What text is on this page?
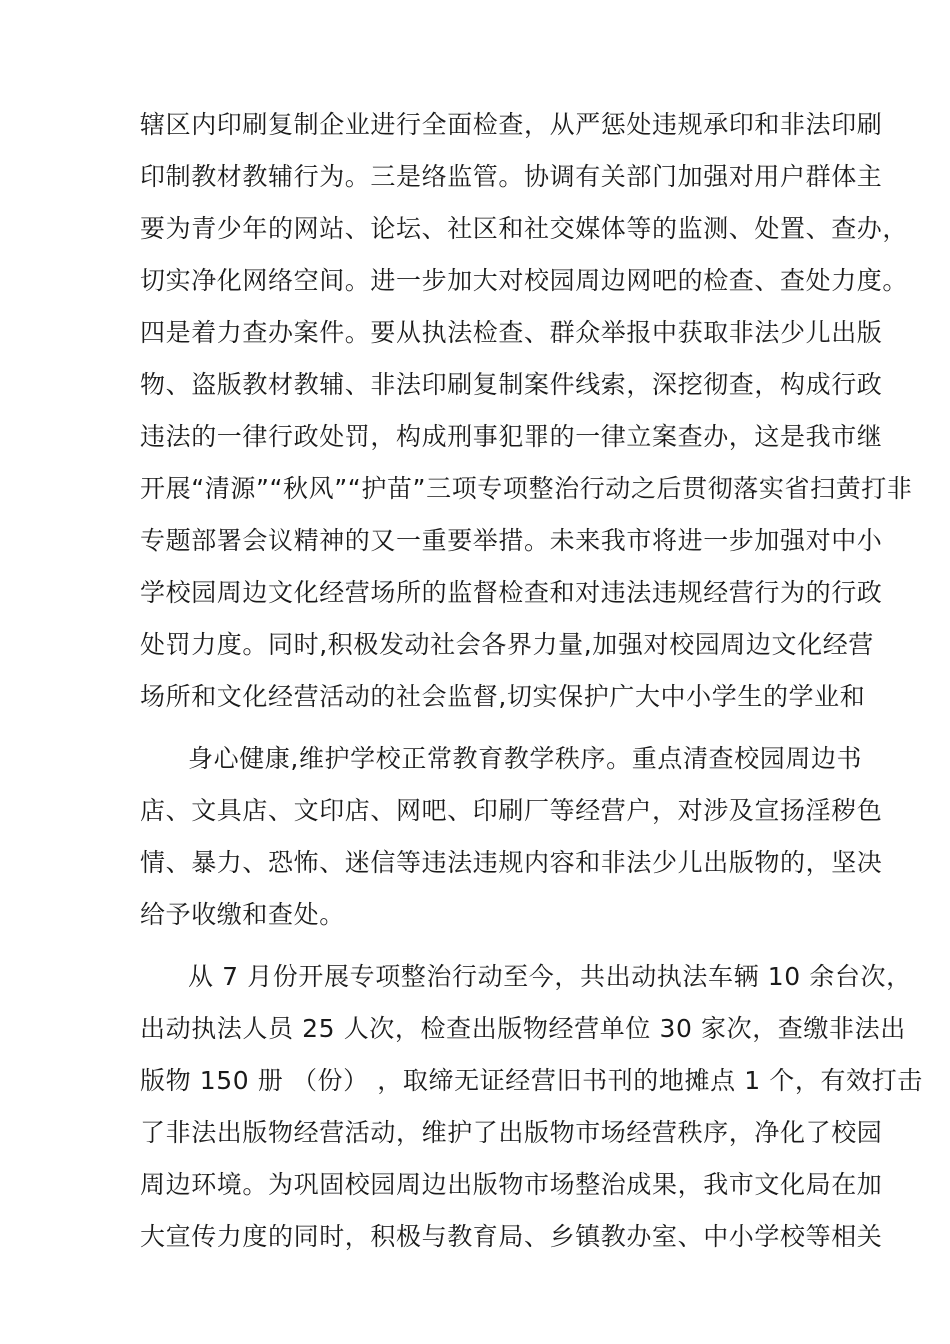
辖区内印刷复制企业进行全面检查，从严惩处违规承印和非法印刷
印制教材教辅行为。三是络监管。协调有关部门加强对用户群体主
要为青少年的网站、论坛、社区和社交媒体等的监测、处置、查办，
切实净化网络空间。进一步加大对校园周边网吧的检查、查处力度。
四是着力查办案件。要从执法检查、群众举报中获取非法少儿出版
物、盗版教材教辅、非法印刷复制案件线索，深挖彻查，构成行政
违法的一律行政处罚，构成刑事犯罪的一律立案查办，这是我市继
开展“清源”“秋风”“护苗”三项专项整治行动之后贯彻落实省扫黄打非
专题部署会议精神的又一重要举措。未来我市将进一步加强对中小
学校园周边文化经营场所的监督检查和对违法违规经营行为的行政
处罚力度。同时,积极发动社会各界力量,加强对校园周边文化经营
场所和文化经营活动的社会监督,切实保护广大中小学生的学业和
身心健康,维护学校正常教育教学秩序。重点清查校园周边书
店、文具店、文印店、网吧、印刷厂等经营户，对涉及宣扬淫秽色
情、暴力、恐怖、迷信等违法违规内容和非法少儿出版物的，坚决
给予收缴和查处。
从 7 月份开展专项整治行动至今，共出动执法车辆 10 余台次，
出动执法人员 25 人次，检查出版物经营单位 30 家次，查缴非法出
版物 150 册 （份） ，取缔无证经营旧书刊的地摊点 1 个，有效打击
了非法出版物经营活动，维护了出版物市场经营秩序，净化了校园
周边环境。为巩固校园周边出版物市场整治成果，我市文化局在加
大宣传力度的同时，积极与教育局、乡镇教办室、中小学校等相关
